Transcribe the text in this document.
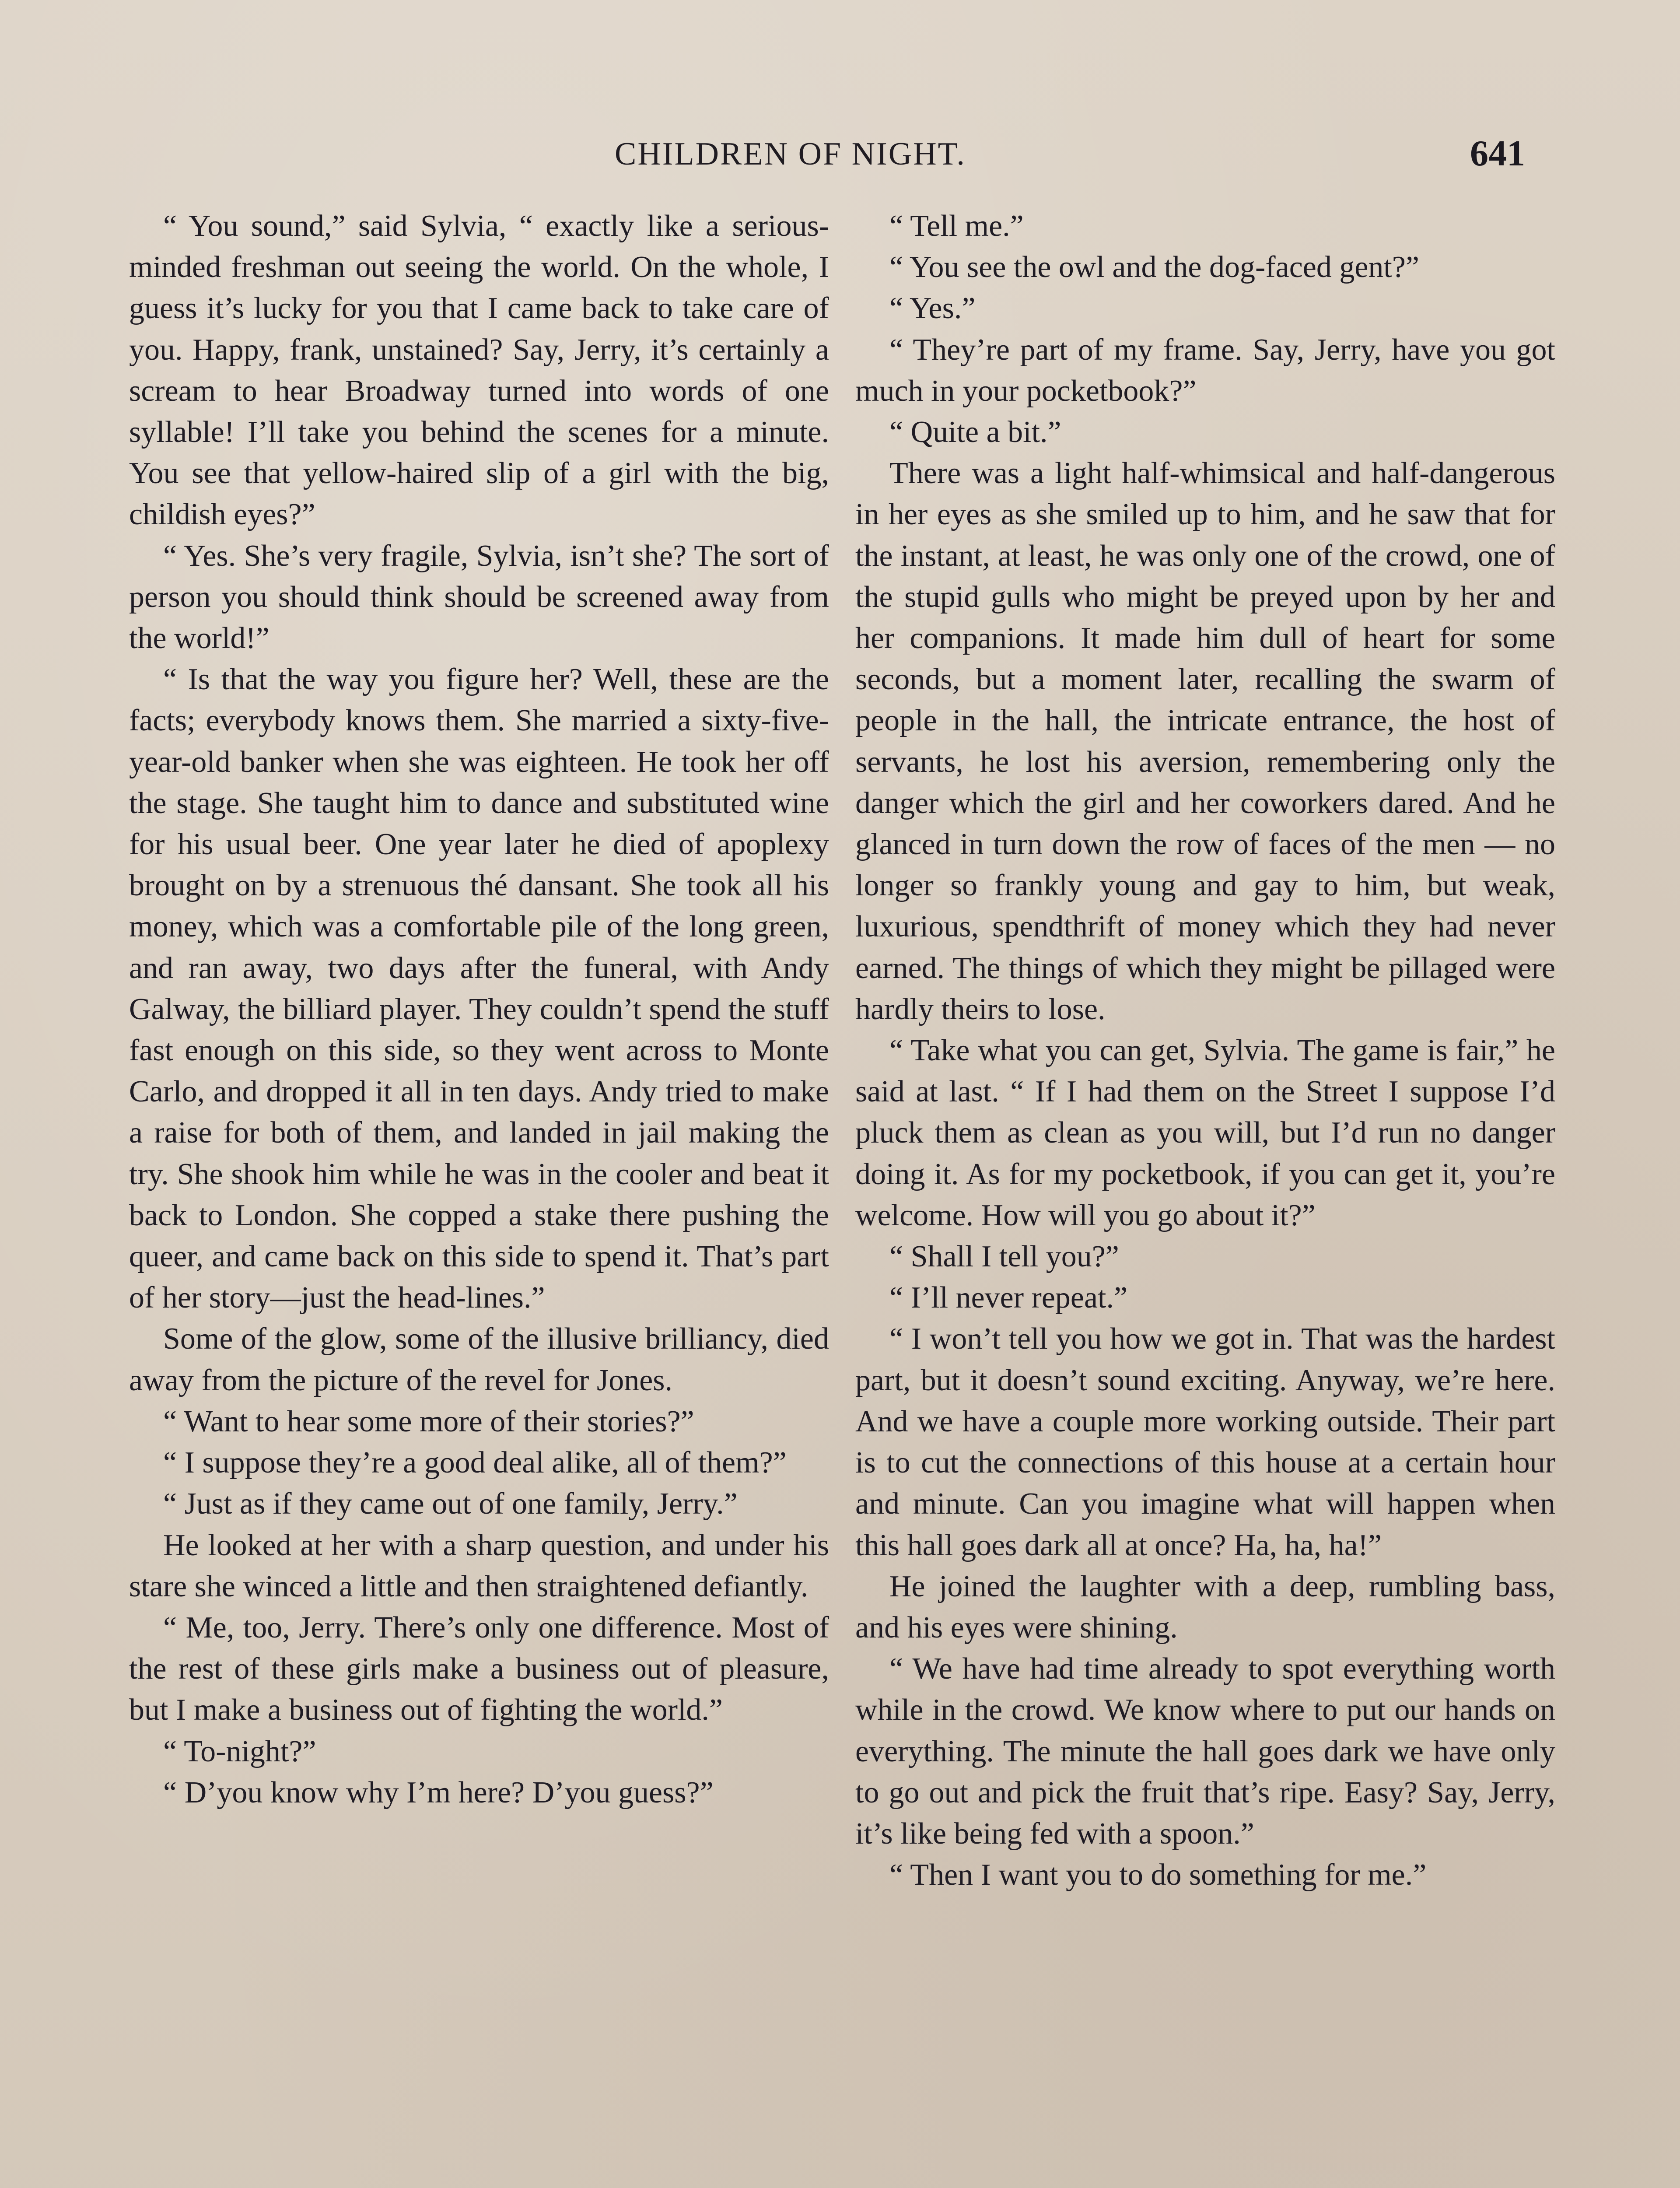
CHILDREN OF NIGHT.	641

“ You sound,” said Sylvia, “ exactly like a serious-minded freshman out seeing the world. On the whole, I guess it’s lucky for you that I came back to take care of you. Happy, frank, unstained? Say, Jerry, it’s certainly a scream to hear Broadway turned into words of one syllable! I’ll take you behind the scenes for a minute. You see that yellow-haired slip of a girl with the big, childish eyes?”

“ Yes. She’s very fragile, Sylvia, isn’t she? The sort of person you should think should be screened away from the world!”

“ Is that the way you figure her? Well, these are the facts; everybody knows them. She married a sixty-five-year-old banker when she was eighteen. He took her off the stage. She taught him to dance and substituted wine for his usual beer. One year later he died of apoplexy brought on by a strenuous thé dansant. She took all his money, which was a comfortable pile of the long green, and ran away, two days after the funeral, with Andy Galway, the billiard player. They couldn’t spend the stuff fast enough on this side, so they went across to Monte Carlo, and dropped it all in ten days. Andy tried to make a raise for both of them, and landed in jail making the try. She shook him while he was in the cooler and beat it back to London. She copped a stake there pushing the queer, and came back on this side to spend it. That’s part of her story—just the head-lines.”

Some of the glow, some of the illusive brilliancy, died away from the picture of the revel for Jones.

“ Want to hear some more of their stories?”

“ I suppose they’re a good deal alike, all of them?”

“ Just as if they came out of one family, Jerry.”

He looked at her with a sharp question, and under his stare she winced a little and then straightened defiantly.

“ Me, too, Jerry. There’s only one difference. Most of the rest of these girls make a business out of pleasure, but I make a business out of fighting the world.”

“ To-night?”

“ D’you know why I’m here? D’you guess?”

“ Tell me.”

“ You see the owl and the dog-faced gent?”

“ Yes.”

“ They’re part of my frame. Say, Jerry, have you got much in your pocketbook?”

“ Quite a bit.”

There was a light half-whimsical and half-dangerous in her eyes as she smiled up to him, and he saw that for the instant, at least, he was only one of the crowd, one of the stupid gulls who might be preyed upon by her and her companions. It made him dull of heart for some seconds, but a moment later, recalling the swarm of people in the hall, the intricate entrance, the host of servants, he lost his aversion, remembering only the danger which the girl and her coworkers dared. And he glanced in turn down the row of faces of the men — no longer so frankly young and gay to him, but weak, luxurious, spendthrift of money which they had never earned. The things of which they might be pillaged were hardly theirs to lose.

“ Take what you can get, Sylvia. The game is fair,” he said at last. “ If I had them on the Street I suppose I’d pluck them as clean as you will, but I’d run no danger doing it. As for my pocketbook, if you can get it, you’re welcome. How will you go about it?”

“ Shall I tell you?”

“ I’ll never repeat.”

“ I won’t tell you how we got in. That was the hardest part, but it doesn’t sound exciting. Anyway, we’re here. And we have a couple more working outside. Their part is to cut the connections of this house at a certain hour and minute. Can you imagine what will happen when this hall goes dark all at once? Ha, ha, ha!”

He joined the laughter with a deep, rumbling bass, and his eyes were shining.

“ We have had time already to spot everything worth while in the crowd. We know where to put our hands on everything. The minute the hall goes dark we have only to go out and pick the fruit that’s ripe. Easy? Say, Jerry, it’s like being fed with a spoon.”

“ Then I want you to do something for me.”
